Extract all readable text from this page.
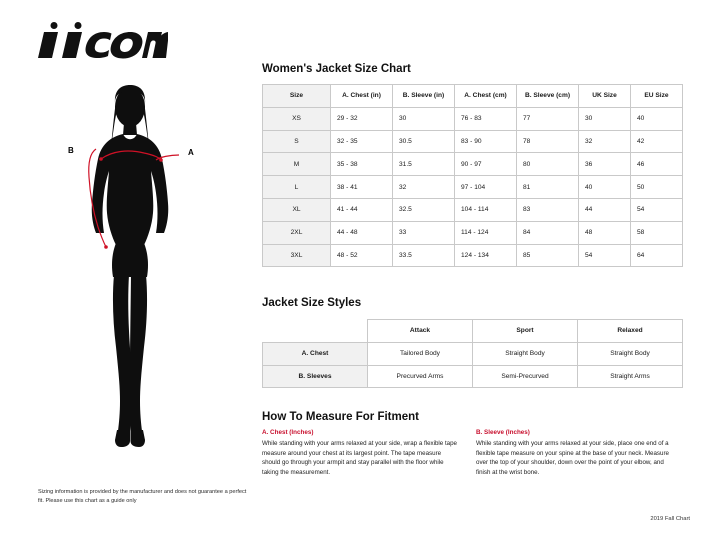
A
B
Sizing information is provided by the manufacturer and does not guarantee a perfect fit. Please use this chart as a guide only
Women's Jacket Size Chart
Size	A. Chest (in)	B. Sleeve (in)	A. Chest (cm)	B. Sleeve (cm)	UK Size	EU Size
XS	29 - 32	30	76 - 83	77	30	40
S	32 - 35	30.5	83 - 90	78	32	42
M	35 - 38	31.5	90 - 97	80	36	46
L	38 - 41	32	97 - 104	81	40	50
XL	41 - 44	32.5	104 - 114	83	44	54
2XL	44 - 48	33	114 - 124	84	48	58
3XL	48 - 52	33.5	124 - 134	85	54	64
Jacket Size Styles
	Attack	Sport	Relaxed
A. Chest	Tailored Body	Straight Body	Straight Body
B. Sleeves	Precurved Arms	Semi-Precurved	Straight Arms
How To Measure For Fitment
A. Chest (Inches)
While standing with your arms relaxed at your side, wrap a flexible tape measure around your chest at its largest point. The tape measure should go through your armpit and stay parallel with the floor while taking the measurement.
B. Sleeve (Inches)
While standing with your arms relaxed at your side, place one end of a flexible tape measure on your spine at the base of your neck. Measure over the top of your shoulder, down over the point of your elbow, and finish at the wrist bone.
2019 Fall Chart
